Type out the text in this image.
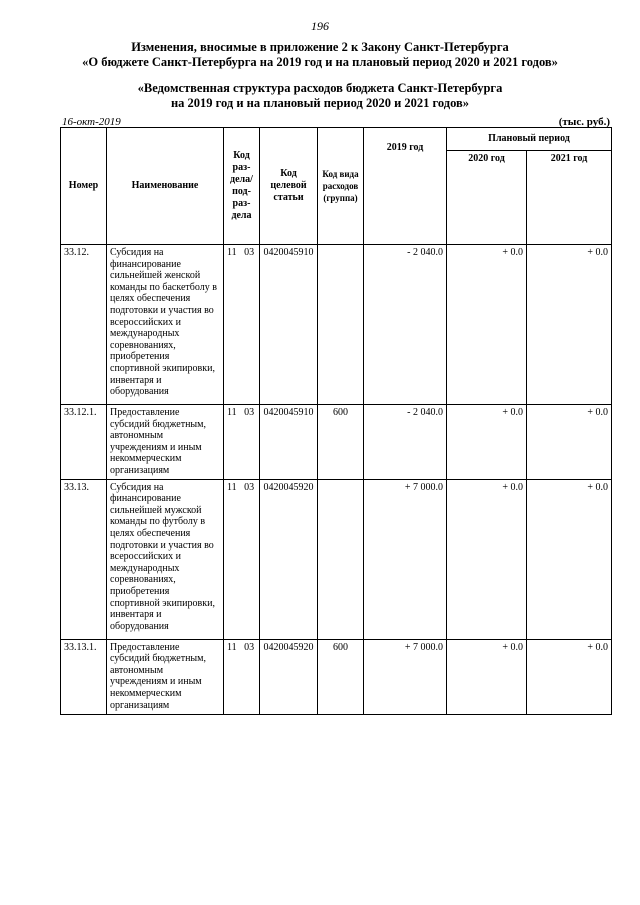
196
Изменения, вносимые в приложение 2 к Закону Санкт-Петербурга
«О бюджете Санкт-Петербурга на 2019 год и на плановый период 2020 и 2021 годов»
«Ведомственная структура расходов бюджета Санкт-Петербурга
на 2019 год и на плановый период 2020 и 2021 годов»
16-окт-2019	(тыс. руб.)
Номер	Наименование	Код раз-дела/ под-раз-дела	Код целевой статьи	Код вида расходов (группа)	2019 год	Плановый период	
						2020 год	2021 год
33.12.	Субсидия на финансирование сильнейшей женской команды по баскетболу в целях обеспечения подготовки и участия во всероссийских и международных соревнованиях, приобретения спортивной экипировки, инвентаря и оборудования	11 03	0420045910		- 2 040.0	+ 0.0	+ 0.0
33.12.1.	Предоставление субсидий бюджетным, автономным учреждениям и иным некоммерческим организациям	11 03	0420045910	600	- 2 040.0	+ 0.0	+ 0.0
33.13.	Субсидия на финансирование сильнейшей мужской команды по футболу в целях обеспечения подготовки и участия во всероссийских и международных соревнованиях, приобретения спортивной экипировки, инвентаря и оборудования	11 03	0420045920		+ 7 000.0	+ 0.0	+ 0.0
33.13.1.	Предоставление субсидий бюджетным, автономным учреждениям и иным некоммерческим организациям	11 03	0420045920	600	+ 7 000.0	+ 0.0	+ 0.0
